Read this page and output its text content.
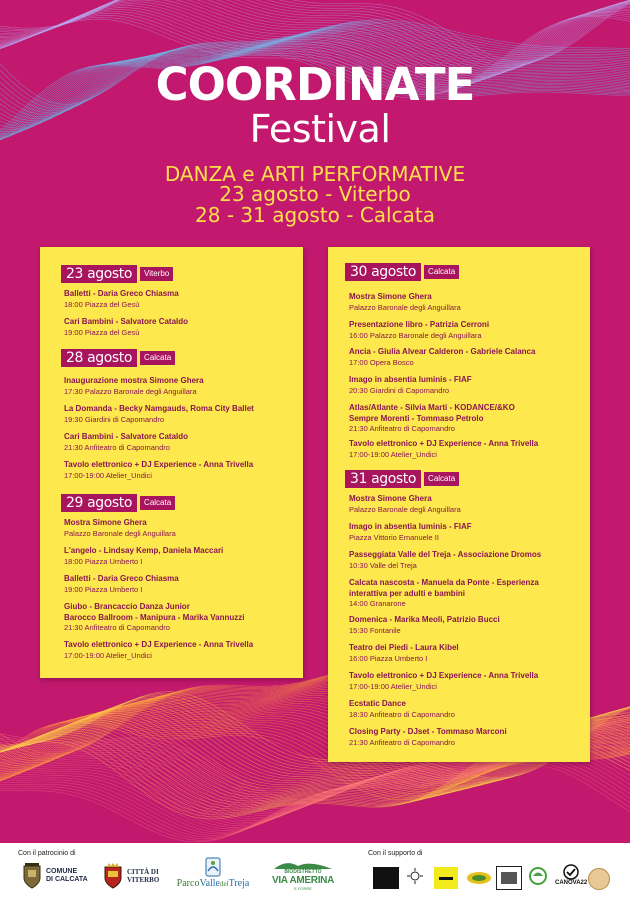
COORDINATE
Festival
DANZA e ARTI PERFORMATIVE
23 agosto - Viterbo
28 - 31 agosto - Calcata
23 agosto	Viterbo
Balletti - Daria Greco Chiasma
18:00 Piazza del Gesù
Cari Bambini - Salvatore Cataldo
19:00 Piazza del Gesù
28 agosto	Calcata
Inaugurazione mostra Simone Ghera
17:30 Palazzo Baronale degli Anguillara
La Domanda - Becky Namgauds, Roma City Ballet
19:30 Giardini di Capomandro
Cari Bambini - Salvatore Cataldo
21:30 Anfiteatro di Capomandro
Tavolo elettronico + DJ Experience - Anna Trivella
17:00-19:00 Atelier_Undici
29 agosto	Calcata
Mostra Simone Ghera
Palazzo Baronale degli Anguillara
L'angelo - Lindsay Kemp, Daniela Maccari
18:00 Piazza Umberto I
Balletti - Daria Greco Chiasma
19:00 Piazza Umberto I
Giubo - Brancaccio Danza Junior
Barocco Ballroom - Manipura - Marika Vannuzzi
21:30 Anfiteatro di Capomandro
Tavolo elettronico + DJ Experience - Anna Trivella
17:00-19:00 Atelier_Undici
30 agosto	Calcata
Mostra Simone Ghera
Palazzo Baronale degli Anguillara
Presentazione libro - Patrizia Cerroni
16:00 Palazzo Baronale degli Anguillara
Ancia - Giulia Alvear Calderon - Gabriele Calanca
17:00 Opera Bosco
Imago in absentia luminis - FIAF
20:30 Giardini di Capomandro
Atlas/Atlante - Silvia Marti - KODANCE/&KO
Sempre Morenti - Tommaso Petrolo
21:30 Anfiteatro di Capomandro
Tavolo elettronico + DJ Experience - Anna Trivella
17:00-19:00 Atelier_Undici
31 agosto	Calcata
Mostra Simone Ghera
Palazzo Baronale degli Anguillara
Imago in absentia luminis - FIAF
Piazza Vittorio Emanuele II
Passeggiata Valle del Treja - Associazione Dromos
10:30 Valle del Treja
Calcata nascosta - Manuela da Ponte - Esperienza
interattiva per adulti e bambini
14:00 Granarone
Domenica - Marika Meoli, Patrizio Bucci
15:30 Fontanile
Teatro dei Piedi - Laura Kibel
16:00 Piazza Umberto I
Tavolo elettronico + DJ Experience - Anna Trivella
17:00-19:00 Atelier_Undici
Ecstatic Dance
18:30 Anfiteatro di Capomandro
Closing Party - DJset - Tommaso Marconi
21:30 Anfiteatro di Capomandro
Con il patrocinio di	Con il supporto di
COMUNE
DI CALCATA
CITTÀ DI
VITERBO ParcoValledelTreja
BIODISTRETTO
VIA AMERINA
E FORRE
CANOVA22
